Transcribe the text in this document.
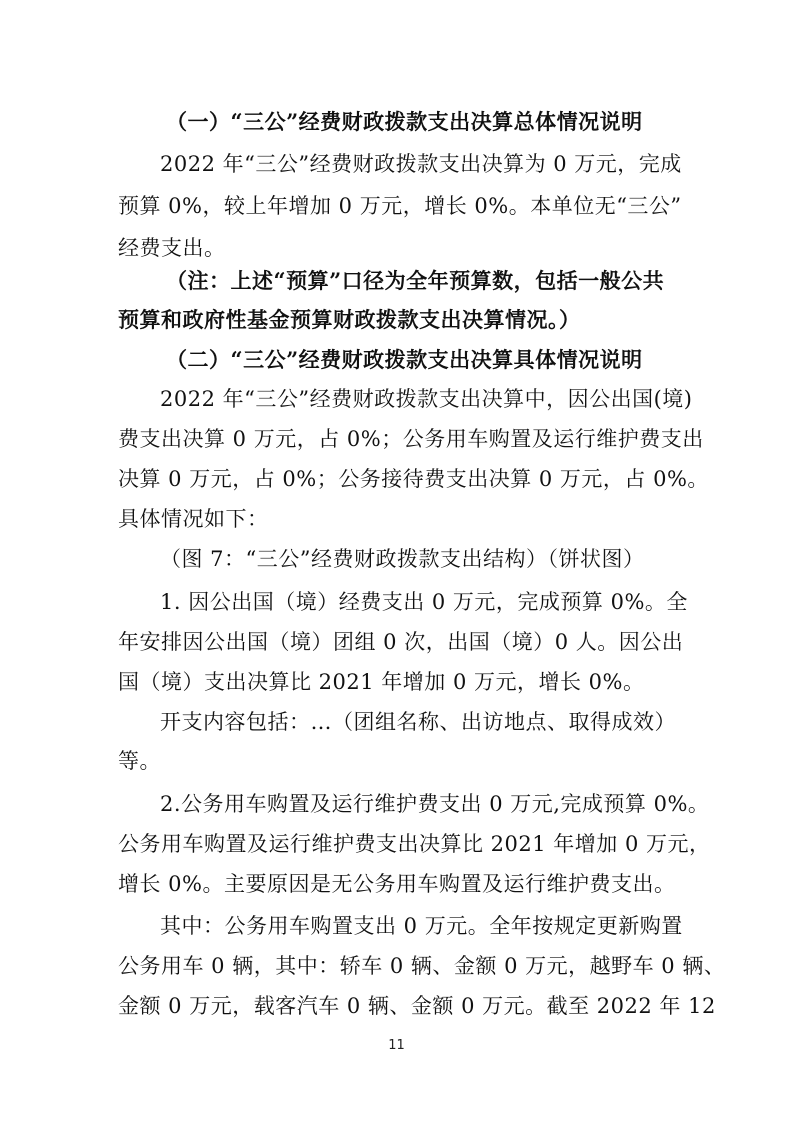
（一）“三公”经费财政拨款支出决算总体情况说明
2022 年“三公”经费财政拨款支出决算为 0 万元，完成
预算 0%，较上年增加 0 万元，增长 0%。本单位无“三公”
经费支出。
（注：上述“预算”口径为全年预算数，包括一般公共
预算和政府性基金预算财政拨款支出决算情况。）
（二）“三公”经费财政拨款支出决算具体情况说明
2022 年“三公”经费财政拨款支出决算中，因公出国(境)
费支出决算 0 万元，占 0%；公务用车购置及运行维护费支出
决算 0 万元，占 0%；公务接待费支出决算 0 万元，占 0%。
具体情况如下：
（图 7：“三公”经费财政拨款支出结构）（饼状图）
1. 因公出国（境）经费支出 0 万元，完成预算 0%。全
年安排因公出国（境）团组 0 次，出国（境）0 人。因公出
国（境）支出决算比 2021 年增加 0 万元，增长 0%。
开支内容包括：…（团组名称、出访地点、取得成效）
等。
2.公务用车购置及运行维护费支出 0 万元,完成预算 0%。
公务用车购置及运行维护费支出决算比 2021 年增加 0 万元，
增长 0%。主要原因是无公务用车购置及运行维护费支出。
其中：公务用车购置支出 0 万元。全年按规定更新购置
公务用车 0 辆，其中：轿车 0 辆、金额 0 万元，越野车 0 辆、
金额 0 万元，载客汽车 0 辆、金额 0 万元。截至 2022 年 12
11
